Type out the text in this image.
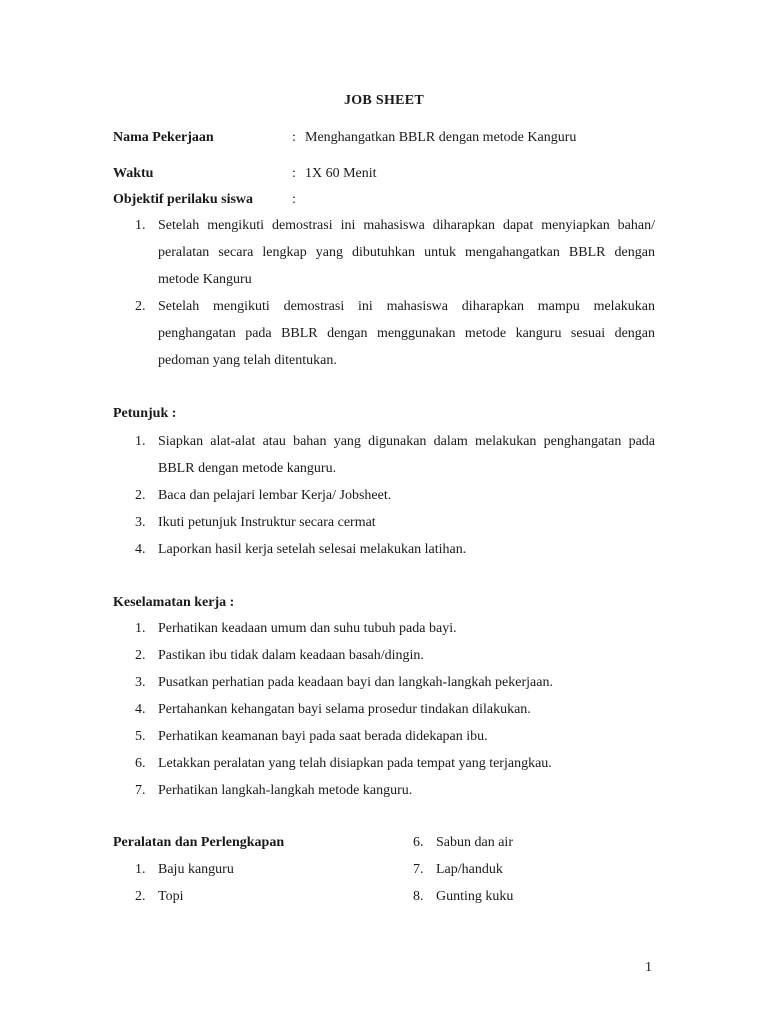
JOB SHEET
Nama Pekerjaan	: Menghangatkan BBLR dengan metode Kanguru
Waktu	: 1X 60 Menit
Objektif perilaku siswa	:
1. Setelah mengikuti demostrasi ini mahasiswa diharapkan dapat menyiapkan bahan/ peralatan secara lengkap yang dibutuhkan untuk mengahangatkan BBLR dengan metode Kanguru
2. Setelah mengikuti demostrasi ini mahasiswa diharapkan mampu melakukan penghangatan pada BBLR dengan menggunakan metode kanguru sesuai dengan pedoman yang telah ditentukan.
Petunjuk :
1. Siapkan alat-alat atau bahan yang digunakan dalam melakukan penghangatan pada BBLR dengan metode kanguru.
2. Baca dan pelajari lembar Kerja/ Jobsheet.
3. Ikuti petunjuk Instruktur secara cermat
4. Laporkan hasil kerja setelah selesai melakukan latihan.
Keselamatan kerja :
1. Perhatikan keadaan umum dan suhu tubuh pada bayi.
2. Pastikan ibu tidak dalam keadaan basah/dingin.
3. Pusatkan perhatian pada keadaan bayi dan langkah-langkah pekerjaan.
4. Pertahankan kehangatan bayi selama prosedur tindakan dilakukan.
5. Perhatikan keamanan bayi pada saat berada didekapan ibu.
6. Letakkan peralatan yang telah disiapkan pada tempat yang terjangkau.
7. Perhatikan langkah-langkah metode kanguru.
Peralatan dan Perlengkapan
1. Baju kanguru

2. Topi

6. Sabun dan air

7. Lap/handuk

8. Gunting kuku

1
